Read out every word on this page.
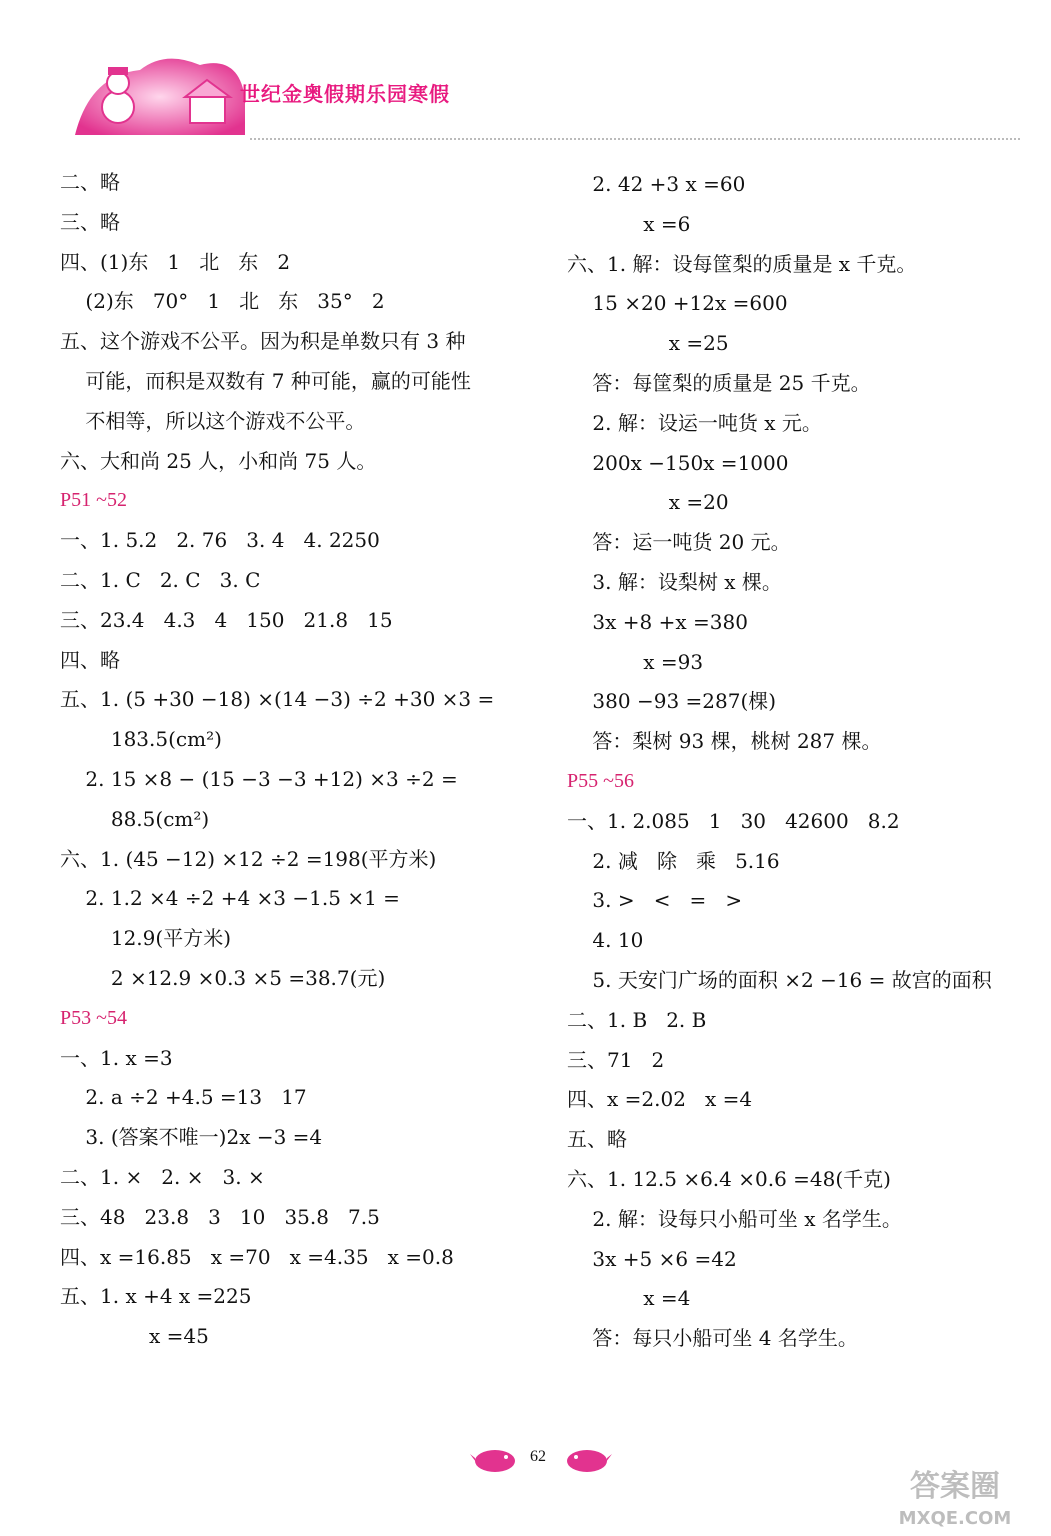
世纪金奥假期乐园寒假
二、略
三、略
四、(1)东   1   北   东   2
(2)东   70°   1   北   东   35°   2
五、这个游戏不公平。因为积是单数只有 3 种
可能，而积是双数有 7 种可能，赢的可能性
不相等，所以这个游戏不公平。
六、大和尚 25 人，小和尚 75 人。
P51 ~52
一、1. 5.2   2. 76   3. 4   4. 2250
二、1. C   2. C   3. C
三、23.4   4.3   4   150   21.8   15
四、略
五、1. (5 +30 −18) ×(14 −3) ÷2 +30 ×3 =
183.5(cm²)
2. 15 ×8 − (15 −3 −3 +12) ×3 ÷2 =
88.5(cm²)
六、1. (45 −12) ×12 ÷2 =198(平方米)
2. 1.2 ×4 ÷2 +4 ×3 −1.5 ×1 =
12.9(平方米)
2 ×12.9 ×0.3 ×5 =38.7(元)
P53 ~54
一、1. x =3
2. a ÷2 +4.5 =13   17
3. (答案不唯一)2x −3 =4
二、1. ×   2. ×   3. ×
三、48   23.8   3   10   35.8   7.5
四、x =16.85   x =70   x =4.35   x =0.8
五、1. x +4 x =225
x =45
2. 42 +3 x =60
x =6
六、1. 解：设每筐梨的质量是 x 千克。
15 ×20 +12x =600
x =25
答：每筐梨的质量是 25 千克。
2. 解：设运一吨货 x 元。
200x −150x =1000
x =20
答：运一吨货 20 元。
3. 解：设梨树 x 棵。
3x +8 +x =380
x =93
380 −93 =287(棵)
答：梨树 93 棵，桃树 287 棵。
P55 ~56
一、1. 2.085   1   30   42600   8.2
2. 减   除   乘   5.16
3. >   <   =   >
4. 10
5. 天安门广场的面积 ×2 −16 = 故宫的面积
二、1. B   2. B
三、71   2
四、x =2.02   x =4
五、略
六、1. 12.5 ×6.4 ×0.6 =48(千克)
2. 解：设每只小船可坐 x 名学生。
3x +5 ×6 =42
x =4
答：每只小船可坐 4 名学生。
62
答案圈
MXQE.COM
